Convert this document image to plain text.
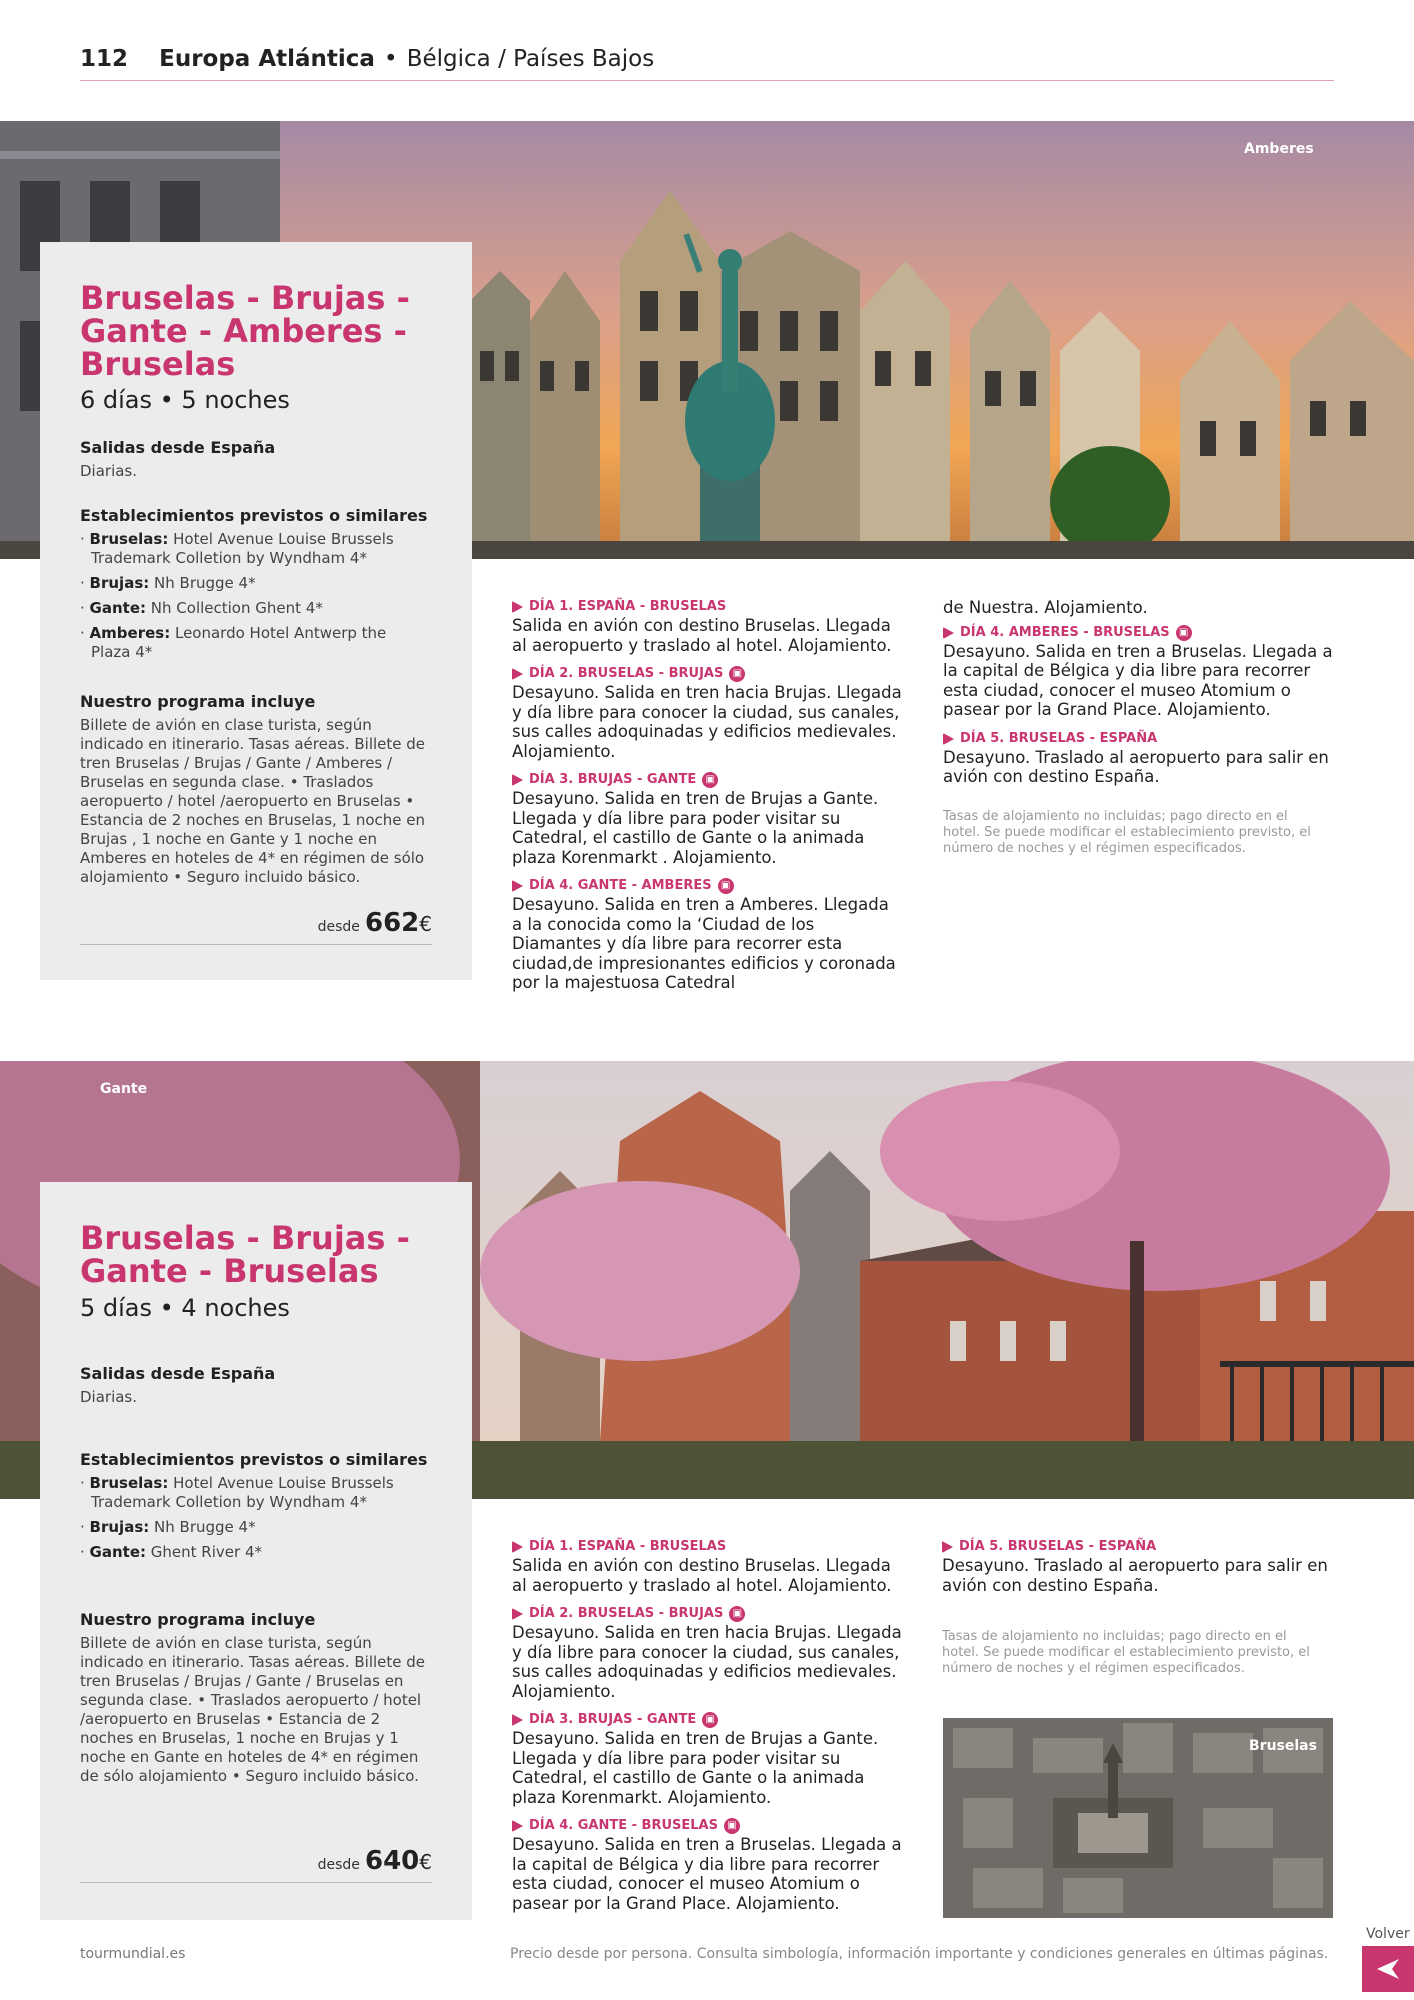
112 Europa Atlántica • Bélgica / Países Bajos
Amberes
Bruselas - Brujas - Gante - Amberes - Bruselas
6 días • 5 noches
Salidas desde España
Diarias.
Establecimientos previstos o similares
· Bruselas: Hotel Avenue Louise Brussels Trademark Colletion by Wyndham 4*
· Brujas: Nh Brugge 4*
· Gante: Nh Collection Ghent 4*
· Amberes: Leonardo Hotel Antwerp the Plaza 4*
Nuestro programa incluye
Billete de avión en clase turista, según indicado en itinerario. Tasas aéreas. Billete de tren Bruselas / Brujas / Gante / Amberes / Bruselas en segunda clase. • Traslados aeropuerto / hotel /aeropuerto en Bruselas • Estancia de 2 noches en Bruselas, 1 noche en Brujas , 1 noche en Gante y 1 noche en Amberes en hoteles de 4* en régimen de sólo alojamiento • Seguro incluido básico.
desde 662€
DÍA 1. ESPAÑA - BRUSELAS
Salida en avión con destino Bruselas. Llegada al aeropuerto y traslado al hotel. Alojamiento.
DÍA 2. BRUSELAS - BRUJAS ▣
Desayuno. Salida en tren hacia Brujas. Llegada y día libre para conocer la ciudad, sus canales, sus calles adoquinadas y edificios medievales. Alojamiento.
DÍA 3. BRUJAS - GANTE ▣
Desayuno. Salida en tren de Brujas a Gante. Llegada y día libre para poder visitar su Catedral, el castillo de Gante o la animada plaza Korenmarkt . Alojamiento.
DÍA 4. GANTE - AMBERES ▣
Desayuno. Salida en tren a Amberes. Llegada a la conocida como la ‘Ciudad de los Diamantes y día libre para recorrer esta ciudad,de impresionantes edificios y coronada por la majestuosa Catedral
de Nuestra. Alojamiento.
DÍA 4. AMBERES - BRUSELAS ▣
Desayuno. Salida en tren a Bruselas. Llegada a la capital de Bélgica y dia libre para recorrer esta ciudad, conocer el museo Atomium o pasear por la Grand Place. Alojamiento.
DÍA 5. BRUSELAS - ESPAÑA
Desayuno. Traslado al aeropuerto para salir en avión con destino España.
Tasas de alojamiento no incluidas; pago directo en el hotel. Se puede modificar el establecimiento previsto, el número de noches y el régimen especificados.
Gante
Bruselas - Brujas - Gante - Bruselas
5 días • 4 noches
Salidas desde España
Diarias.
Establecimientos previstos o similares
· Bruselas: Hotel Avenue Louise Brussels Trademark Colletion by Wyndham 4*
· Brujas: Nh Brugge 4*
· Gante: Ghent River 4*
Nuestro programa incluye
Billete de avión en clase turista, según indicado en itinerario. Tasas aéreas. Billete de tren Bruselas / Brujas / Gante / Bruselas en segunda clase. • Traslados aeropuerto / hotel /aeropuerto en Bruselas • Estancia de 2 noches en Bruselas, 1 noche en Brujas y 1 noche en Gante en hoteles de 4* en régimen de sólo alojamiento • Seguro incluido básico.
desde 640€
DÍA 1. ESPAÑA - BRUSELAS
Salida en avión con destino Bruselas. Llegada al aeropuerto y traslado al hotel. Alojamiento.
DÍA 2. BRUSELAS - BRUJAS ▣
Desayuno. Salida en tren hacia Brujas. Llegada y día libre para conocer la ciudad, sus canales, sus calles adoquinadas y edificios medievales. Alojamiento.
DÍA 3. BRUJAS - GANTE ▣
Desayuno. Salida en tren de Brujas a Gante. Llegada y día libre para poder visitar su Catedral, el castillo de Gante o la animada plaza Korenmarkt. Alojamiento.
DÍA 4. GANTE - BRUSELAS ▣
Desayuno. Salida en tren a Bruselas. Llegada a la capital de Bélgica y dia libre para recorrer esta ciudad, conocer el museo Atomium o pasear por la Grand Place. Alojamiento.
DÍA 5. BRUSELAS - ESPAÑA
Desayuno. Traslado al aeropuerto para salir en avión con destino España.
Tasas de alojamiento no incluidas; pago directo en el hotel. Se puede modificar el establecimiento previsto, el número de noches y el régimen especificados.
Bruselas
tourmundial.es	Precio desde por persona. Consulta simbología, información importante y condiciones generales en últimas páginas.
Volver
